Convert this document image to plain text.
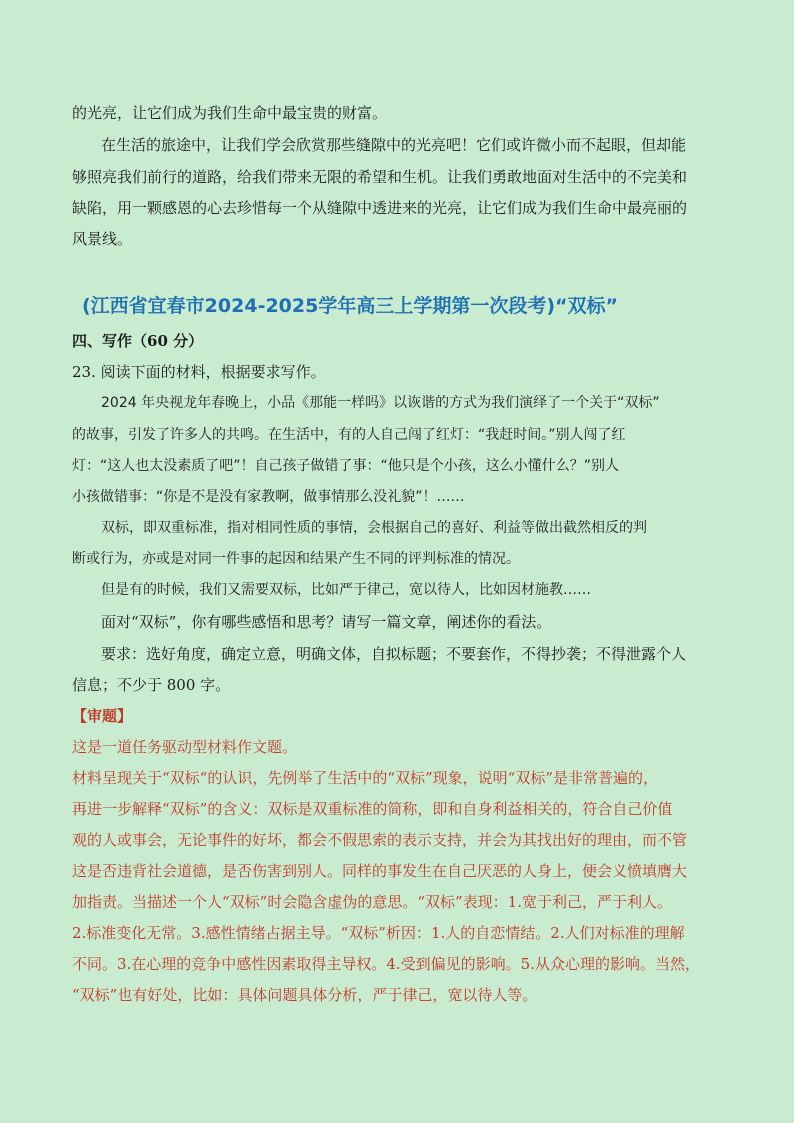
的光亮，让它们成为我们生命中最宝贵的财富。
在生活的旅途中，让我们学会欣赏那些缝隙中的光亮吧！它们或许微小而不起眼，但却能
够照亮我们前行的道路，给我们带来无限的希望和生机。让我们勇敢地面对生活中的不完美和
缺陷，用一颗感恩的心去珍惜每一个从缝隙中透进来的光亮，让它们成为我们生命中最亮丽的
风景线。
(江西省宜春市2024-2025学年高三上学期第一次段考)“双标”
四、写作（60 分）
23. 阅读下面的材料，根据要求写作。
2024 年央视龙年春晚上，小品《那能一样吗》以诙谐的方式为我们演绎了一个关于“双标”
的故事，引发了许多人的共鸣。在生活中，有的人自己闯了红灯：“我赶时间。”别人闯了红
灯：“这人也太没素质了吧”！自己孩子做错了事：“他只是个小孩，这么小懂什么？”别人
小孩做错事：“你是不是没有家教啊，做事情那么没礼貌”！……
双标，即双重标准，指对相同性质的事情，会根据自己的喜好、利益等做出截然相反的判
断或行为，亦或是对同一件事的起因和结果产生不同的评判标准的情况。
但是有的时候，我们又需要双标，比如严于律己，宽以待人，比如因材施教……
面对“双标”，你有哪些感悟和思考？请写一篇文章，阐述你的看法。
要求：选好角度，确定立意，明确文体，自拟标题；不要套作，不得抄袭；不得泄露个人
信息；不少于 800 字。
【审题】
这是一道任务驱动型材料作文题。
材料呈现关于“双标“的认识，先例举了生活中的“双标”现象，说明“双标”是非常普遍的，
再进一步解释“双标”的含义：双标是双重标准的简称，即和自身利益相关的，符合自己价值
观的人或事会，无论事件的好坏，都会不假思索的表示支持，并会为其找出好的理由，而不管
这是否违背社会道德，是否伤害到别人。同样的事发生在自己厌恶的人身上，便会义愤填膺大
加指责。当描述一个人“双标”时会隐含虚伪的意思。“双标”表现：1.宽于利己，严于利人。
2.标准变化无常。3.感性情绪占据主导。“双标”析因：1.人的自恋情结。2.人们对标准的理解
不同。3.在心理的竞争中感性因素取得主导权。4.受到偏见的影响。5.从众心理的影响。当然，
“双标”也有好处，比如：具体问题具体分析，严于律己，宽以待人等。
